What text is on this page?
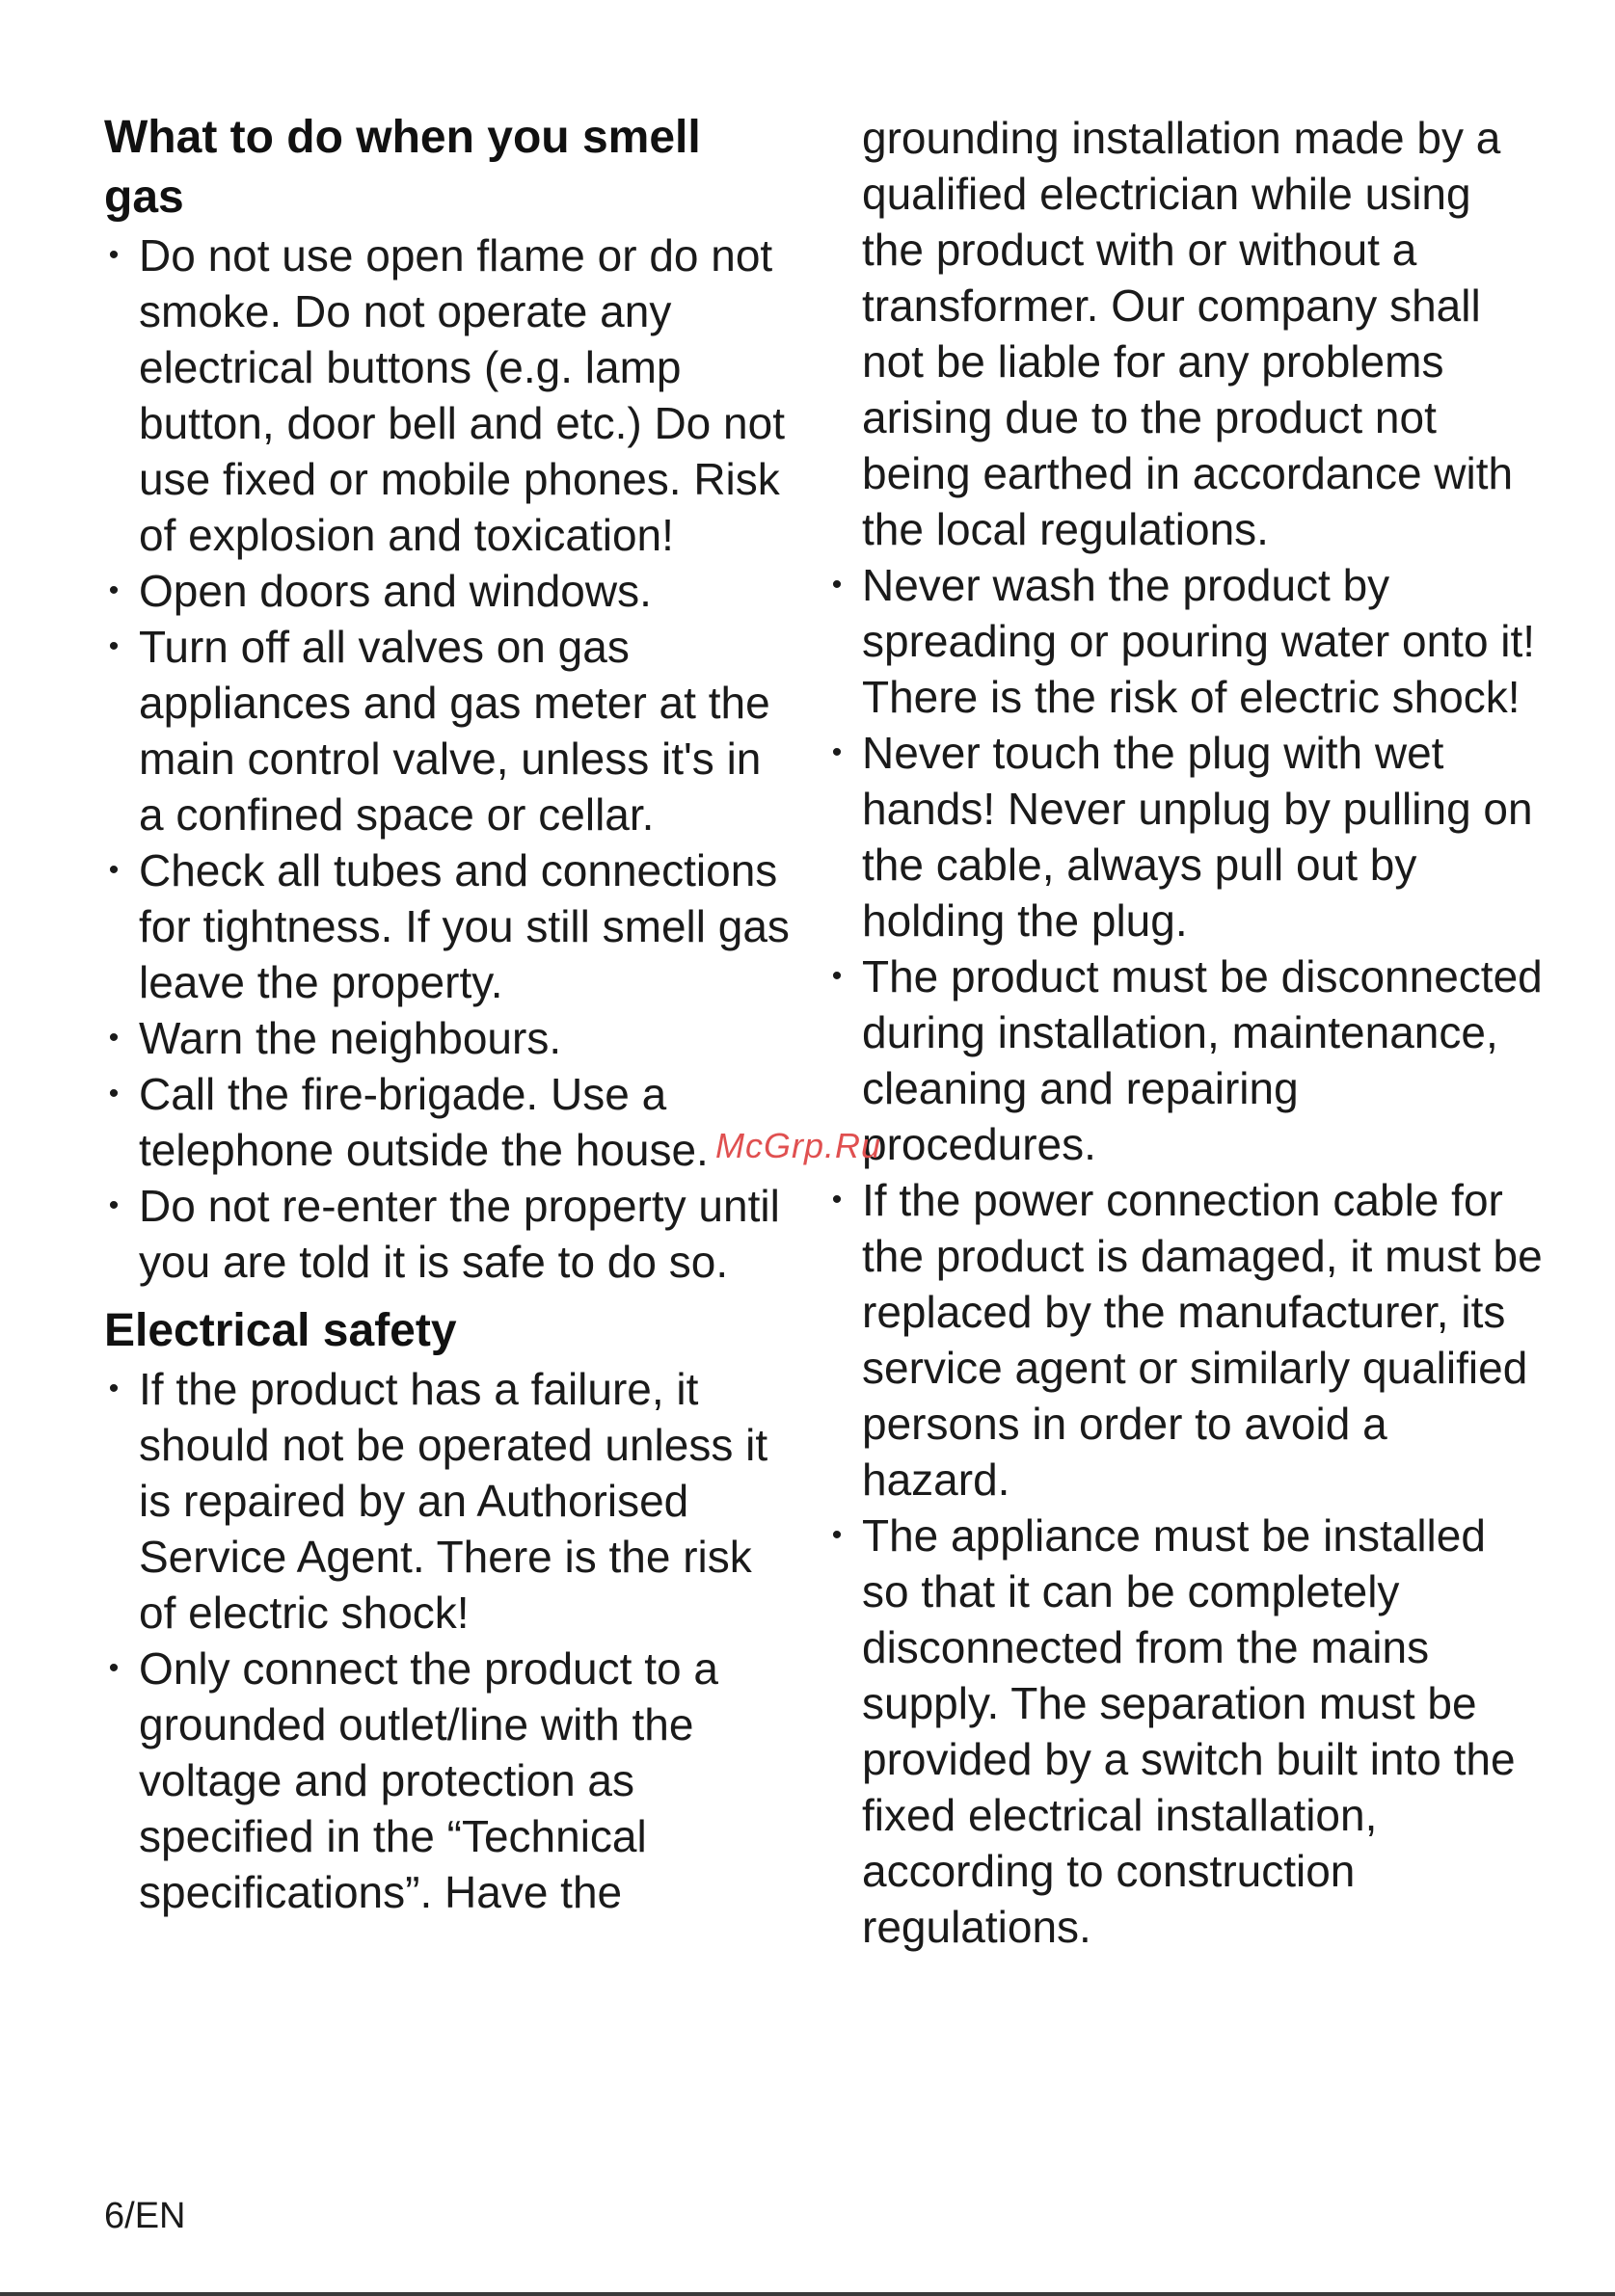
What to do when you smell gas
• Do not use open flame or do not smoke. Do not operate any electrical buttons (e.g. lamp button, door bell and etc.) Do not use fixed or mobile phones. Risk of explosion and toxication!
• Open doors and windows.
• Turn off all valves on gas appliances and gas meter at the main control valve, unless it's in a confined space or cellar.
• Check all tubes and connections for tightness. If you still smell gas leave the property.
• Warn the neighbours.
• Call the fire-brigade. Use a telephone outside the house.
• Do not re-enter the property until you are told it is safe to do so.
Electrical safety
• If the product has a failure, it should not be operated unless it is repaired by an Authorised Service Agent. There is the risk of electric shock!
• Only connect the product to a grounded outlet/line with the voltage and protection as specified in the “Technical specifications”. Have the

grounding installation made by a qualified electrician while using the product with or without a transformer. Our company shall not be liable for any problems arising due to the product not being earthed in accordance with the local regulations.

• Never wash the product by spreading or pouring water onto it! There is the risk of electric shock!
• Never touch the plug with wet hands! Never unplug by pulling on the cable, always pull out by holding the plug.
• The product must be disconnected during installation, maintenance, cleaning and repairing procedures.
• If the power connection cable for the product is damaged, it must be replaced by the manufacturer, its service agent or similarly qualified persons in order to avoid a hazard.
• The appliance must be installed so that it can be completely disconnected from the mains supply. The separation must be provided by a switch built into the fixed electrical installation, according to construction regulations.
McGrp.Ru
6/EN
